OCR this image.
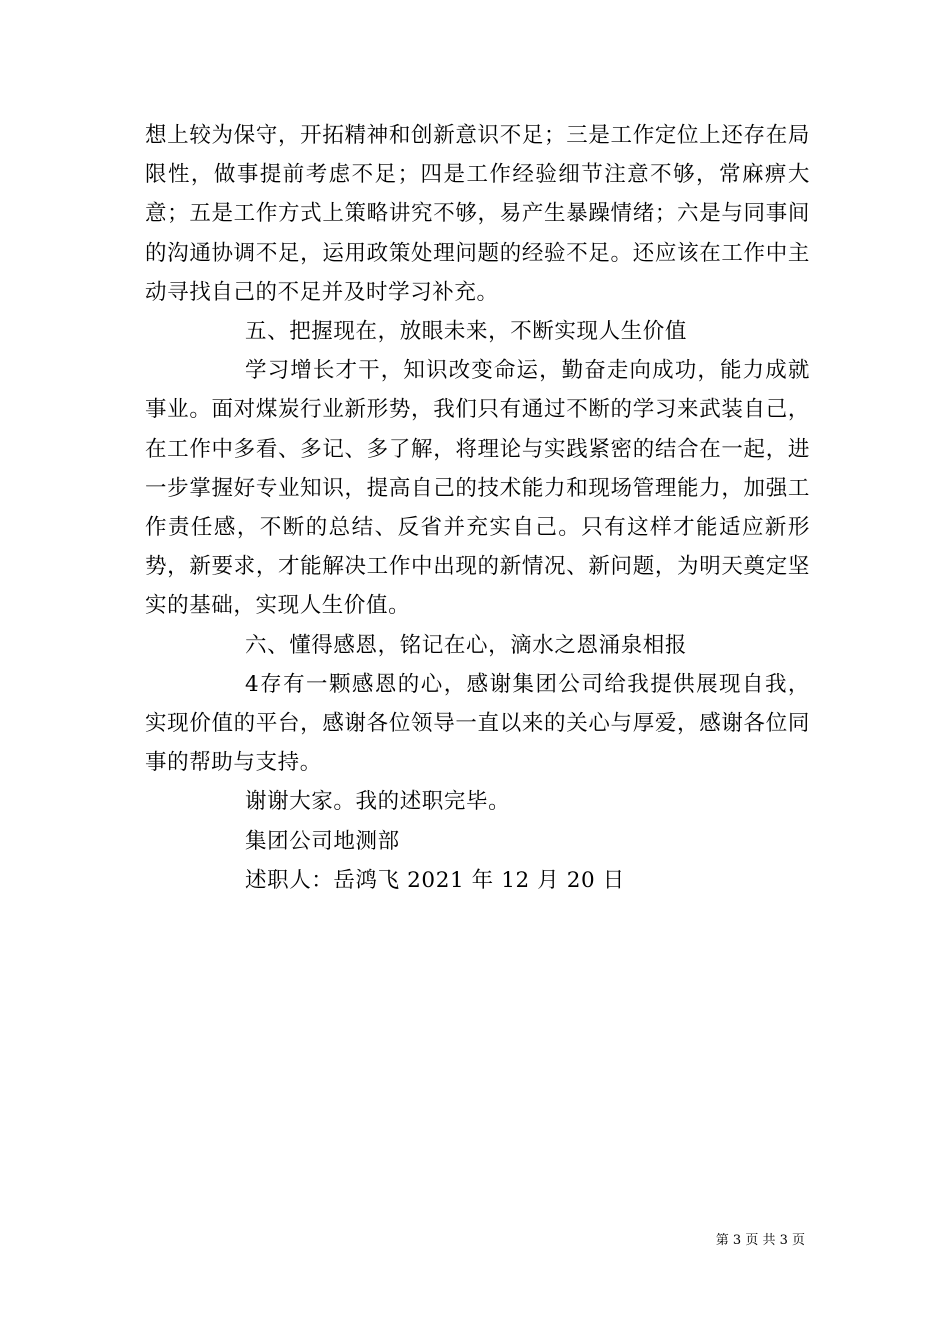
想上较为保守，开拓精神和创新意识不足；三是工作定位上还存在局限性，做事提前考虑不足；四是工作经验细节注意不够，常麻痹大意；五是工作方式上策略讲究不够，易产生暴躁情绪；六是与同事间的沟通协调不足，运用政策处理问题的经验不足。还应该在工作中主动寻找自己的不足并及时学习补充。

五、把握现在，放眼未来，不断实现人生价值

学习增长才干，知识改变命运，勤奋走向成功，能力成就事业。面对煤炭行业新形势，我们只有通过不断的学习来武装自己，在工作中多看、多记、多了解，将理论与实践紧密的结合在一起，进一步掌握好专业知识，提高自己的技术能力和现场管理能力，加强工作责任感，不断的总结、反省并充实自己。只有这样才能适应新形势，新要求，才能解决工作中出现的新情况、新问题，为明天奠定坚实的基础，实现人生价值。

六、懂得感恩，铭记在心，滴水之恩涌泉相报

4存有一颗感恩的心，感谢集团公司给我提供展现自我，实现价值的平台，感谢各位领导一直以来的关心与厚爱，感谢各位同事的帮助与支持。

谢谢大家。我的述职完毕。

集团公司地测部

述职人：岳鸿飞 2021 年 12 月 20 日

第 3 页 共 3 页
